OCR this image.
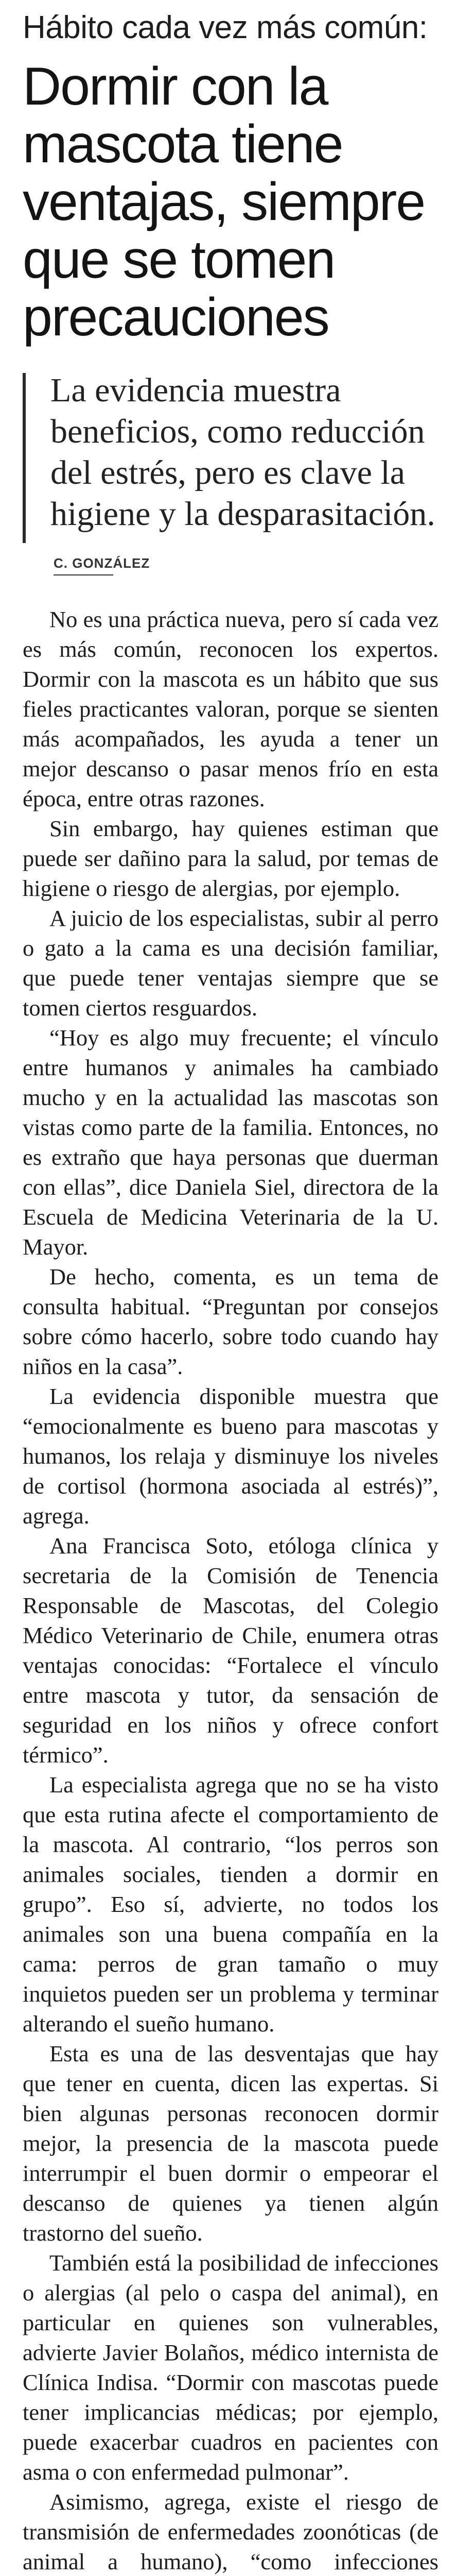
Hábito cada vez más común:
Dormir con la mascota tiene ventajas, siempre que se tomen precauciones
La evidencia muestra beneficios, como reducción del estrés, pero es clave la higiene y la desparasitación.
C. GONZÁLEZ

No es una práctica nueva, pero sí cada vez es más común, reconocen los expertos. Dormir con la mascota es un hábito que sus fieles practicantes valoran, porque se sienten más acompañados, les ayuda a tener un mejor descanso o pasar menos frío en esta época, entre otras razones.

Sin embargo, hay quienes estiman que puede ser dañino para la salud, por temas de higiene o riesgo de alergias, por ejemplo.

A juicio de los especialistas, subir al perro o gato a la cama es una decisión familiar, que puede tener ventajas siempre que se tomen ciertos resguardos.

“Hoy es algo muy frecuente; el vínculo entre humanos y animales ha cambiado mucho y en la actualidad las mascotas son vistas como parte de la familia. Entonces, no es extraño que haya personas que duerman con ellas”, dice Daniela Siel, directora de la Escuela de Medicina Veterinaria de la U. Mayor.

De hecho, comenta, es un tema de consulta habitual. “Preguntan por consejos sobre cómo hacerlo, sobre todo cuando hay niños en la casa”.

La evidencia disponible muestra que “emocionalmente es bueno para mascotas y humanos, los relaja y disminuye los niveles de cortisol (hormona asociada al estrés)”, agrega.

Ana Francisca Soto, etóloga clínica y secretaria de la Comisión de Tenencia Responsable de Mascotas, del Colegio Médico Veterinario de Chile, enumera otras ventajas conocidas: “Fortalece el vínculo entre mascota y tutor, da sensación de seguridad en los niños y ofrece confort térmico”.

La especialista agrega que no se ha visto que esta rutina afecte el comportamiento de la mascota. Al contrario, “los perros son animales sociales, tienden a dormir en grupo”. Eso sí, advierte, no todos los animales son una buena compañía en la cama: perros de gran tamaño o muy inquietos pueden ser un problema y terminar alterando el sueño humano.

Esta es una de las desventajas que hay que tener en cuenta, dicen las expertas. Si bien algunas personas reconocen dormir mejor, la presencia de la mascota puede interrumpir el buen dormir o empeorar el descanso de quienes ya tienen algún trastorno del sueño.

También está la posibilidad de infecciones o alergias (al pelo o caspa del animal), en particular en quienes son vulnerables, advierte Javier Bolaños, médico internista de Clínica Indisa. “Dormir con mascotas puede tener implicancias médicas; por ejemplo, puede exacerbar cuadros en pacientes con asma o con enfermedad pulmonar”.

Asimismo, agrega, existe el riesgo de transmisión de enfermedades zoonóticas (de animal a humano), “como infecciones
